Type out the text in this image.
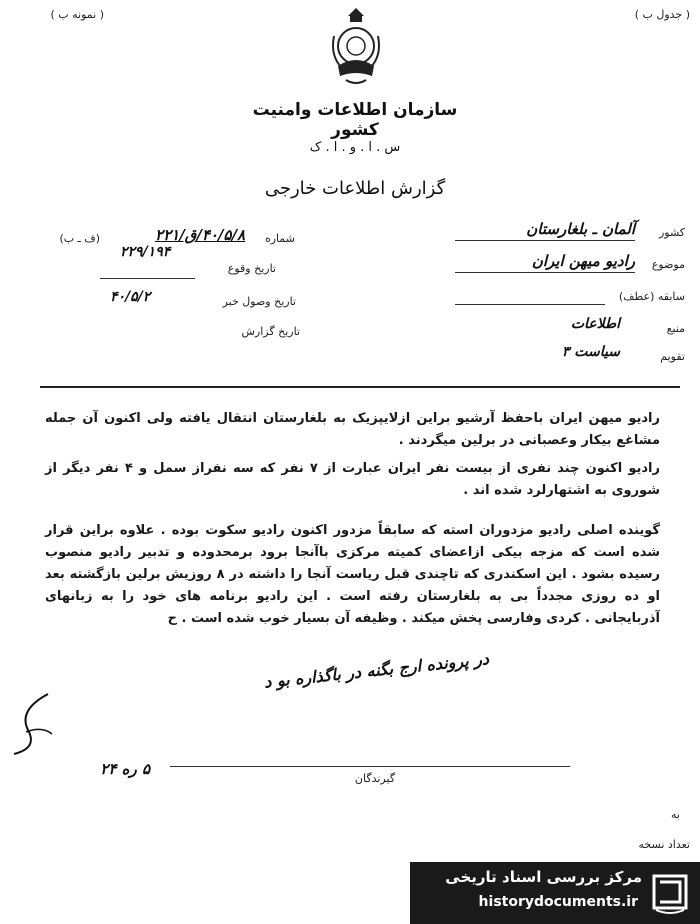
( نمونه ب )	( جدول ب )
سازمان اطلاعات وامنیت کشور
س . ا . و . ا . ک
گزارش اطلاعات خارجی
شماره
۴۰/۵/۸/ق/۲۲۱
(ف ـ ب)
۲۲۹/۱۹۴
تاریخ وقوع
تاریخ وصول خبر
۴۰/۵/۲
تاریخ گزارش
کشور
آلمان ـ بلغارستان
موضوع
رادیو میهن ایران
سابقه (عطف)
منبع
اطلاعات
تقویم
سیاست ۳
رادیو میهن ایران باحفظ آرشیو براین ازلایپزیک به بلغارستان انتقال یافته ولی اکنون آن جمله مشاغع بیکار وعصبانی در برلین میگردند .
رادیو اکنون چند نفری از بیست نفر ایران عبارت از ۷ نفر که سه نفراز سمل و ۴ نفر دیگر از شوروی به اشتهارلرد شده اند .
گوینده اصلی رادیو مزدوران استه که سابقاً مزدور اکنون رادیو سکوت بوده . علاوه براین قرار شده است که مزجه بیکی ازاعضای کمیته مرکزی باآنجا برود برمحدوده و تدبیر رادیو منصوب رسیده بشود . این اسکندری که تاچندی قبل ریاست آنجا را داشته در ۸ روزیش برلین بازگشته بعد او ده روزی مجدداً بی به بلغارستان رفته است . این رادیو برنامه های خود را به زبانهای آذربایجانی . کردی وفارسی پخش میکند . وظیفه آن بسیار خوب شده است . ح
در پرونده ارج بگنه در باگذاره بو د
۵ ره ۲۴
گیرندگان
به
تعداد نسخه
مرکز بررسی اسناد تاریخی
historydocuments.ir
